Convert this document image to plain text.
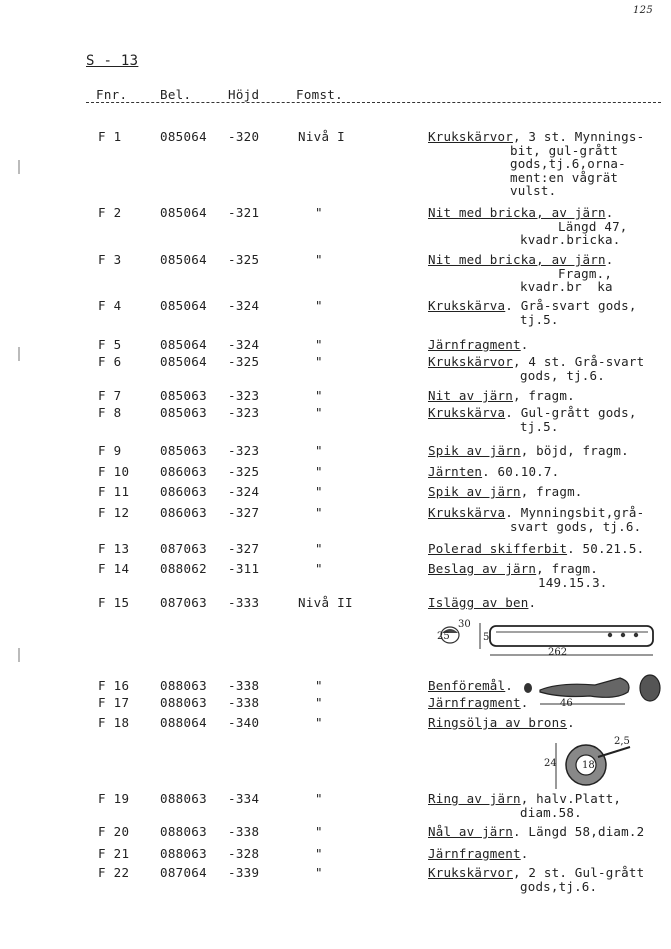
125
S - 13
Fnr.	Bel.	Höjd	Fomst.
F 1	085064 -320	Nivå I	Krukskärvor, 3 st. Mynnings-
bit, gul-grått
gods,tj.6,orna-
ment:en vågrät
vulst.
F 2	085064 -321	"	Nit med bricka, av järn.
Längd 47,
kvadr.bricka.
F 3	085064 -325	"	Nit med bricka, av järn.
Fragm.,
kvadr.br  ka
F 4	085064 -324	"	Krukskärva. Grå-svart gods,
tj.5.
F 5	085064 -324	"	Järnfragment.
F 6	085064 -325	"	Krukskärvor, 4 st. Grå-svart
gods, tj.6.
F 7	085063 -323	"	Nit av järn, fragm.
F 8	085063 -323	"	Krukskärva. Gul-grått gods,
tj.5.
F 9	085063 -323	"	Spik av järn, böjd, fragm.
F 10 086063 -325	"	Järnten. 60.10.7.
F 11 086063 -324	"	Spik av järn, fragm.
F 12 086063 -327	"	Krukskärva. Mynningsbit,grå-
svart gods, tj.6.
F 13 087063 -327	"	Polerad skifferbit. 50.21.5.
F 14 088062 -311	"	Beslag av järn, fragm.
149.15.3.
F 15 087063 -333	Nivå II	Islägg av ben.
F 16 088063 -338	"	Benföremål.
F 17 088063 -338	"	Järnfragment.
F 18 088064 -340	"	Ringsölja av brons.
F 19 088063 -334	"	Ring av järn, halv.Platt,
diam.58.
F 20 088063 -338	"	Nål av järn. Längd 58,diam.2
F 21 088063 -328	"	Järnfragment.
F 22 087064 -339	"	Krukskärvor, 2 st. Gul-grått
gods,tj.6.
30
25	5
262
46
2,5
24	18
